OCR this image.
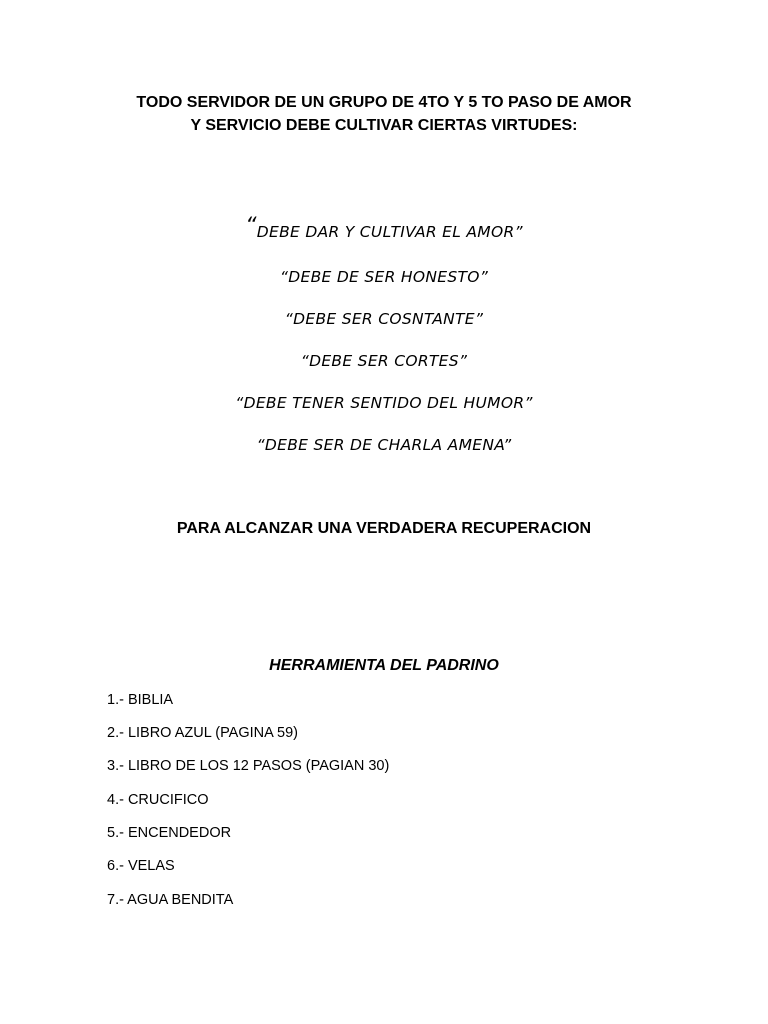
TODO SERVIDOR DE UN GRUPO DE 4TO Y 5 TO PASO DE AMOR
Y SERVICIO DEBE CULTIVAR CIERTAS VIRTUDES:

“DEBE DAR Y CULTIVAR EL AMOR”

“DEBE DE SER HONESTO”

“DEBE SER COSNTANTE”

“DEBE SER CORTES”

“DEBE TENER SENTIDO DEL HUMOR”

“DEBE SER DE CHARLA AMENA”

PARA ALCANZAR UNA VERDADERA RECUPERACION
HERRAMIENTA DEL PADRINO
1.- BIBLIA
2.- LIBRO AZUL (PAGINA 59)
3.- LIBRO DE LOS 12 PASOS (PAGIAN 30)
4.- CRUCIFICO
5.- ENCENDEDOR
6.- VELAS
7.- AGUA BENDITA
